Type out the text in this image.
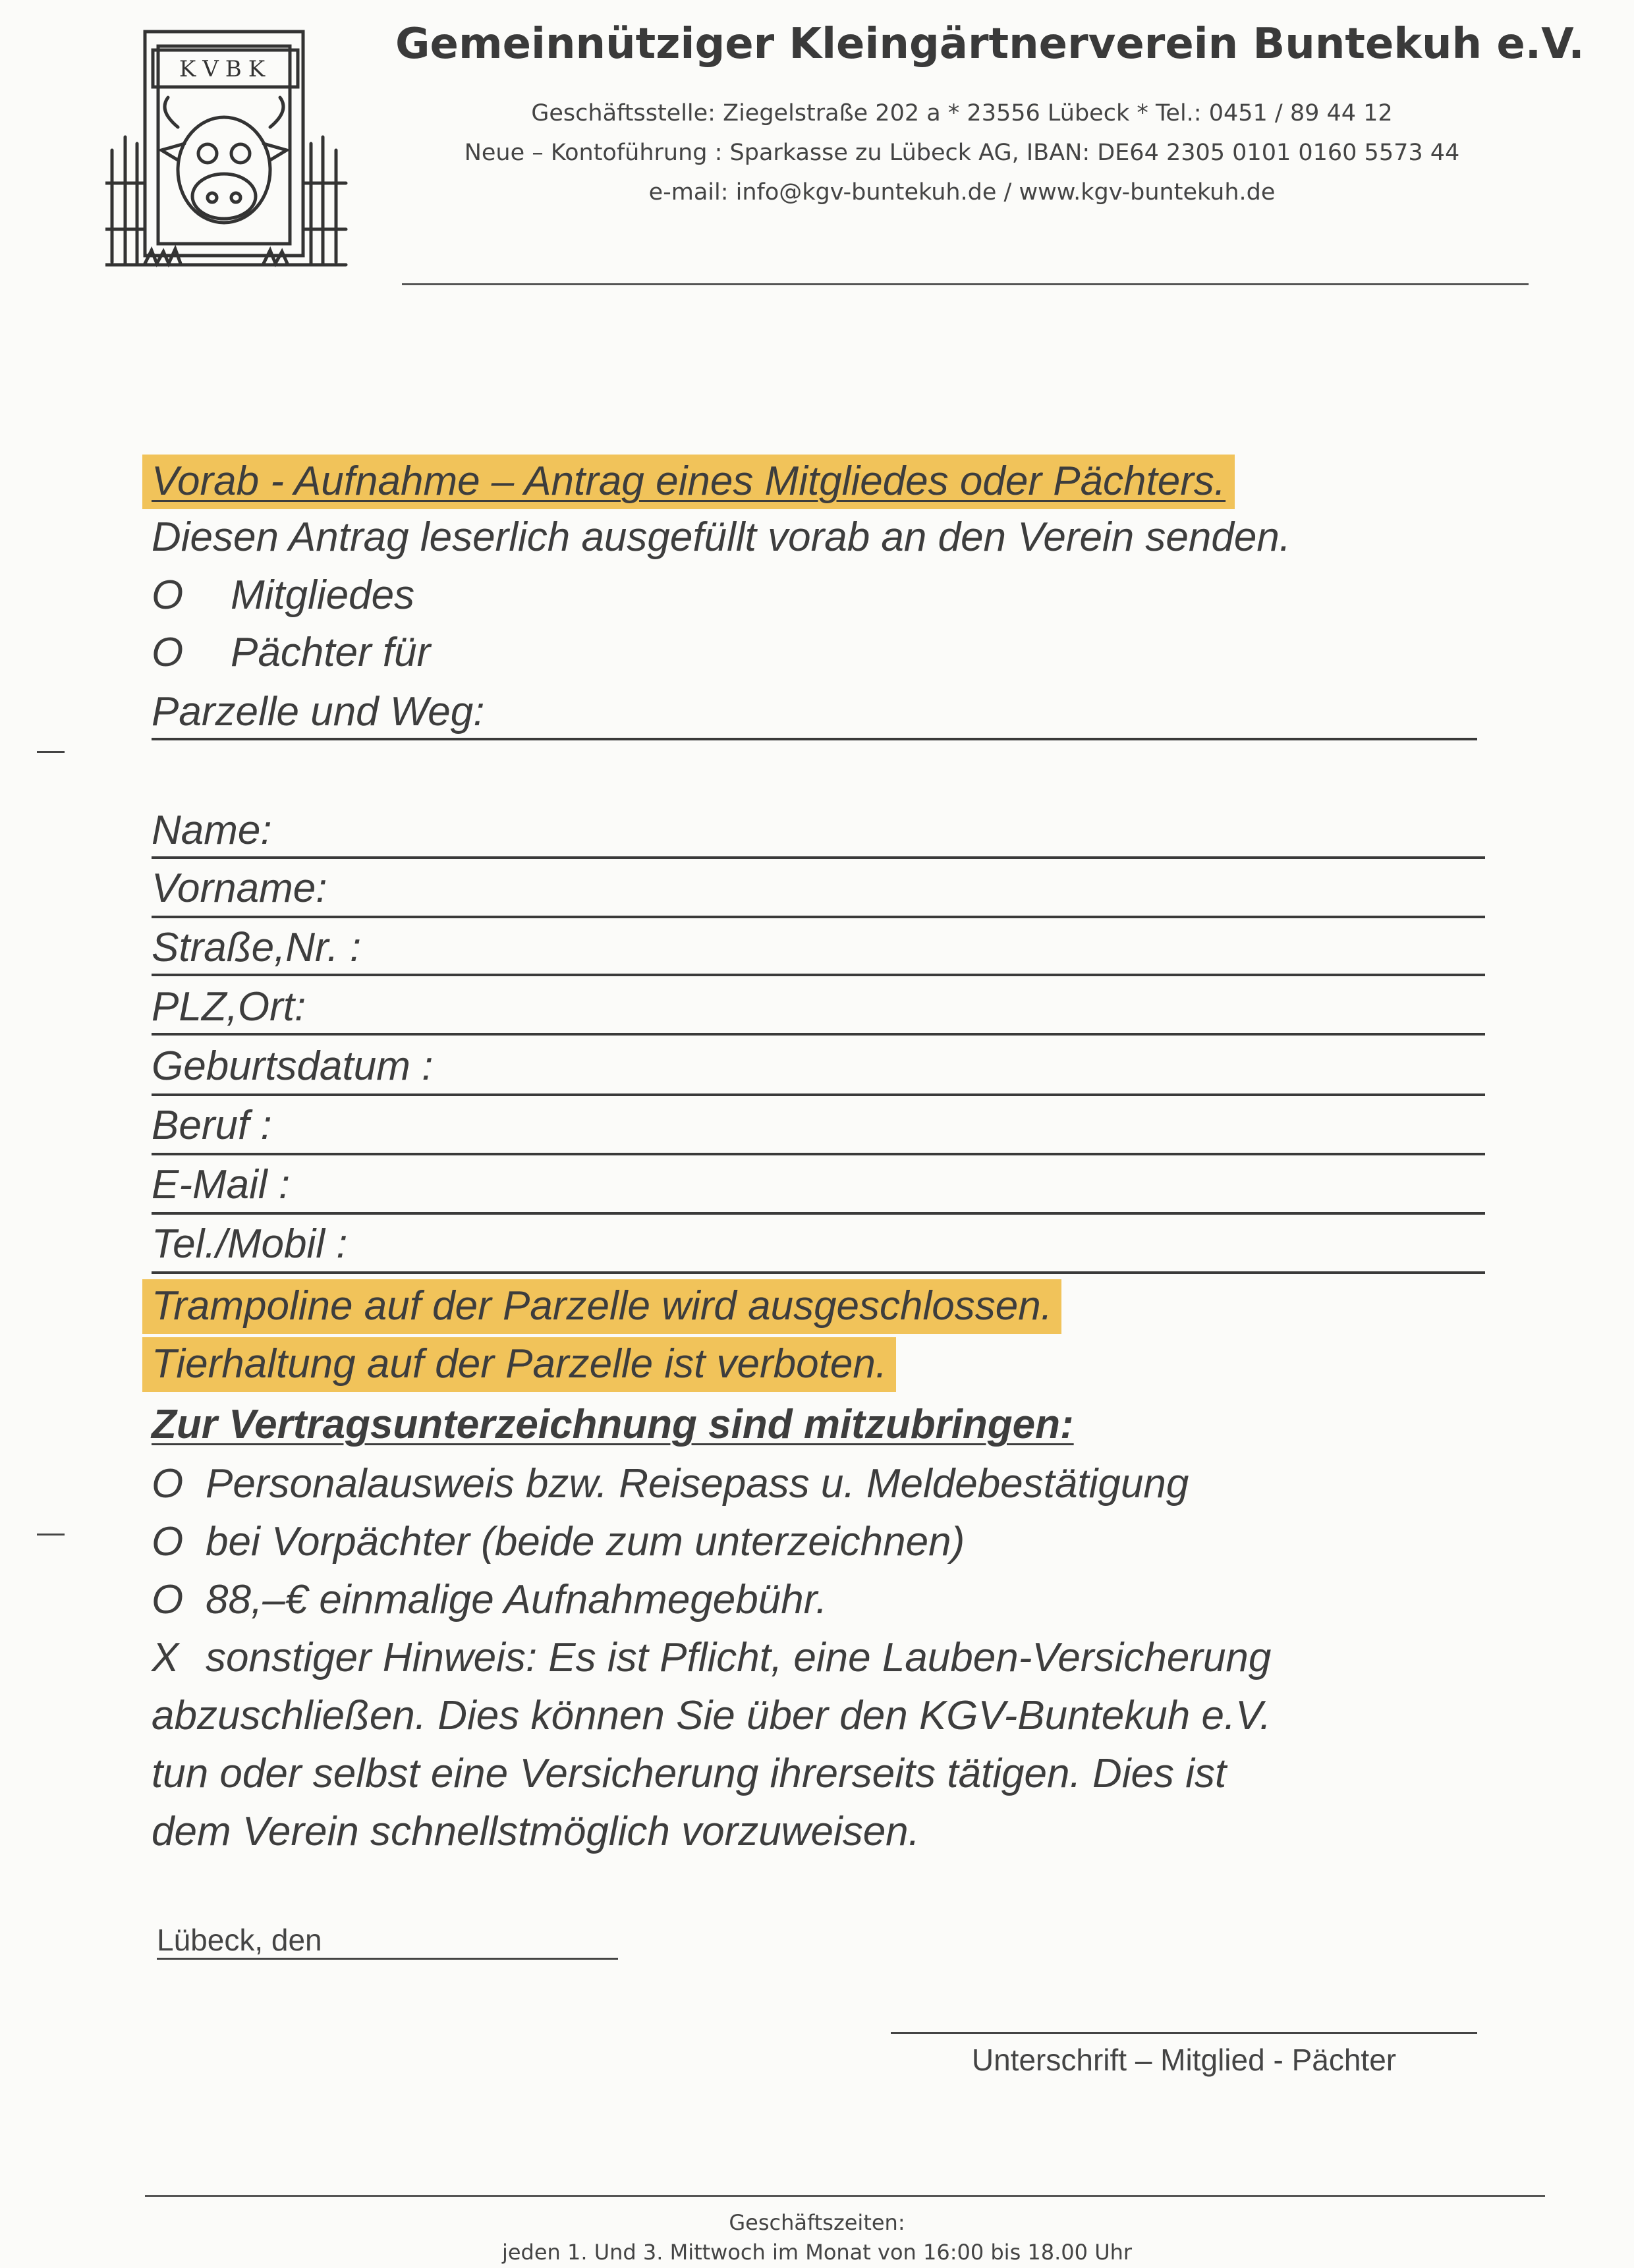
KVBK
Gemeinnütziger Kleingärtnerverein Buntekuh e.V.
Geschäftsstelle: Ziegelstraße 202 a * 23556 Lübeck * Tel.: 0451 / 89 44 12
Neue – Kontoführung : Sparkasse zu Lübeck AG, IBAN: DE64 2305 0101 0160 5573 44
e-mail: info@kgv-buntekuh.de / www.kgv-buntekuh.de
Vorab - Aufnahme – Antrag eines Mitgliedes oder Pächters.
Diesen Antrag leserlich ausgefüllt vorab an den Verein senden.
O Mitgliedes
O Pächter für
Parzelle und Weg:
Name:
Vorname:
Straße,Nr. :
PLZ,Ort:
Geburtsdatum :
Beruf :
E-Mail :
Tel./Mobil :
Trampoline auf der Parzelle wird ausgeschlossen.
Tierhaltung auf der Parzelle ist verboten.
Zur Vertragsunterzeichnung sind mitzubringen:
O Personalausweis bzw. Reisepass u. Meldebestätigung
O bei Vorpächter (beide zum unterzeichnen)
O 88,–€ einmalige Aufnahmegebühr.
X sonstiger Hinweis: Es ist Pflicht, eine Lauben-Versicherung
abzuschließen. Dies können Sie über den KGV-Buntekuh e.V.
tun oder selbst eine Versicherung ihrerseits tätigen. Dies ist
dem Verein schnellstmöglich vorzuweisen.
Lübeck, den
Unterschrift – Mitglied - Pächter
Geschäftszeiten:
jeden 1. Und 3. Mittwoch im Monat von 16:00 bis 18.00 Uhr
